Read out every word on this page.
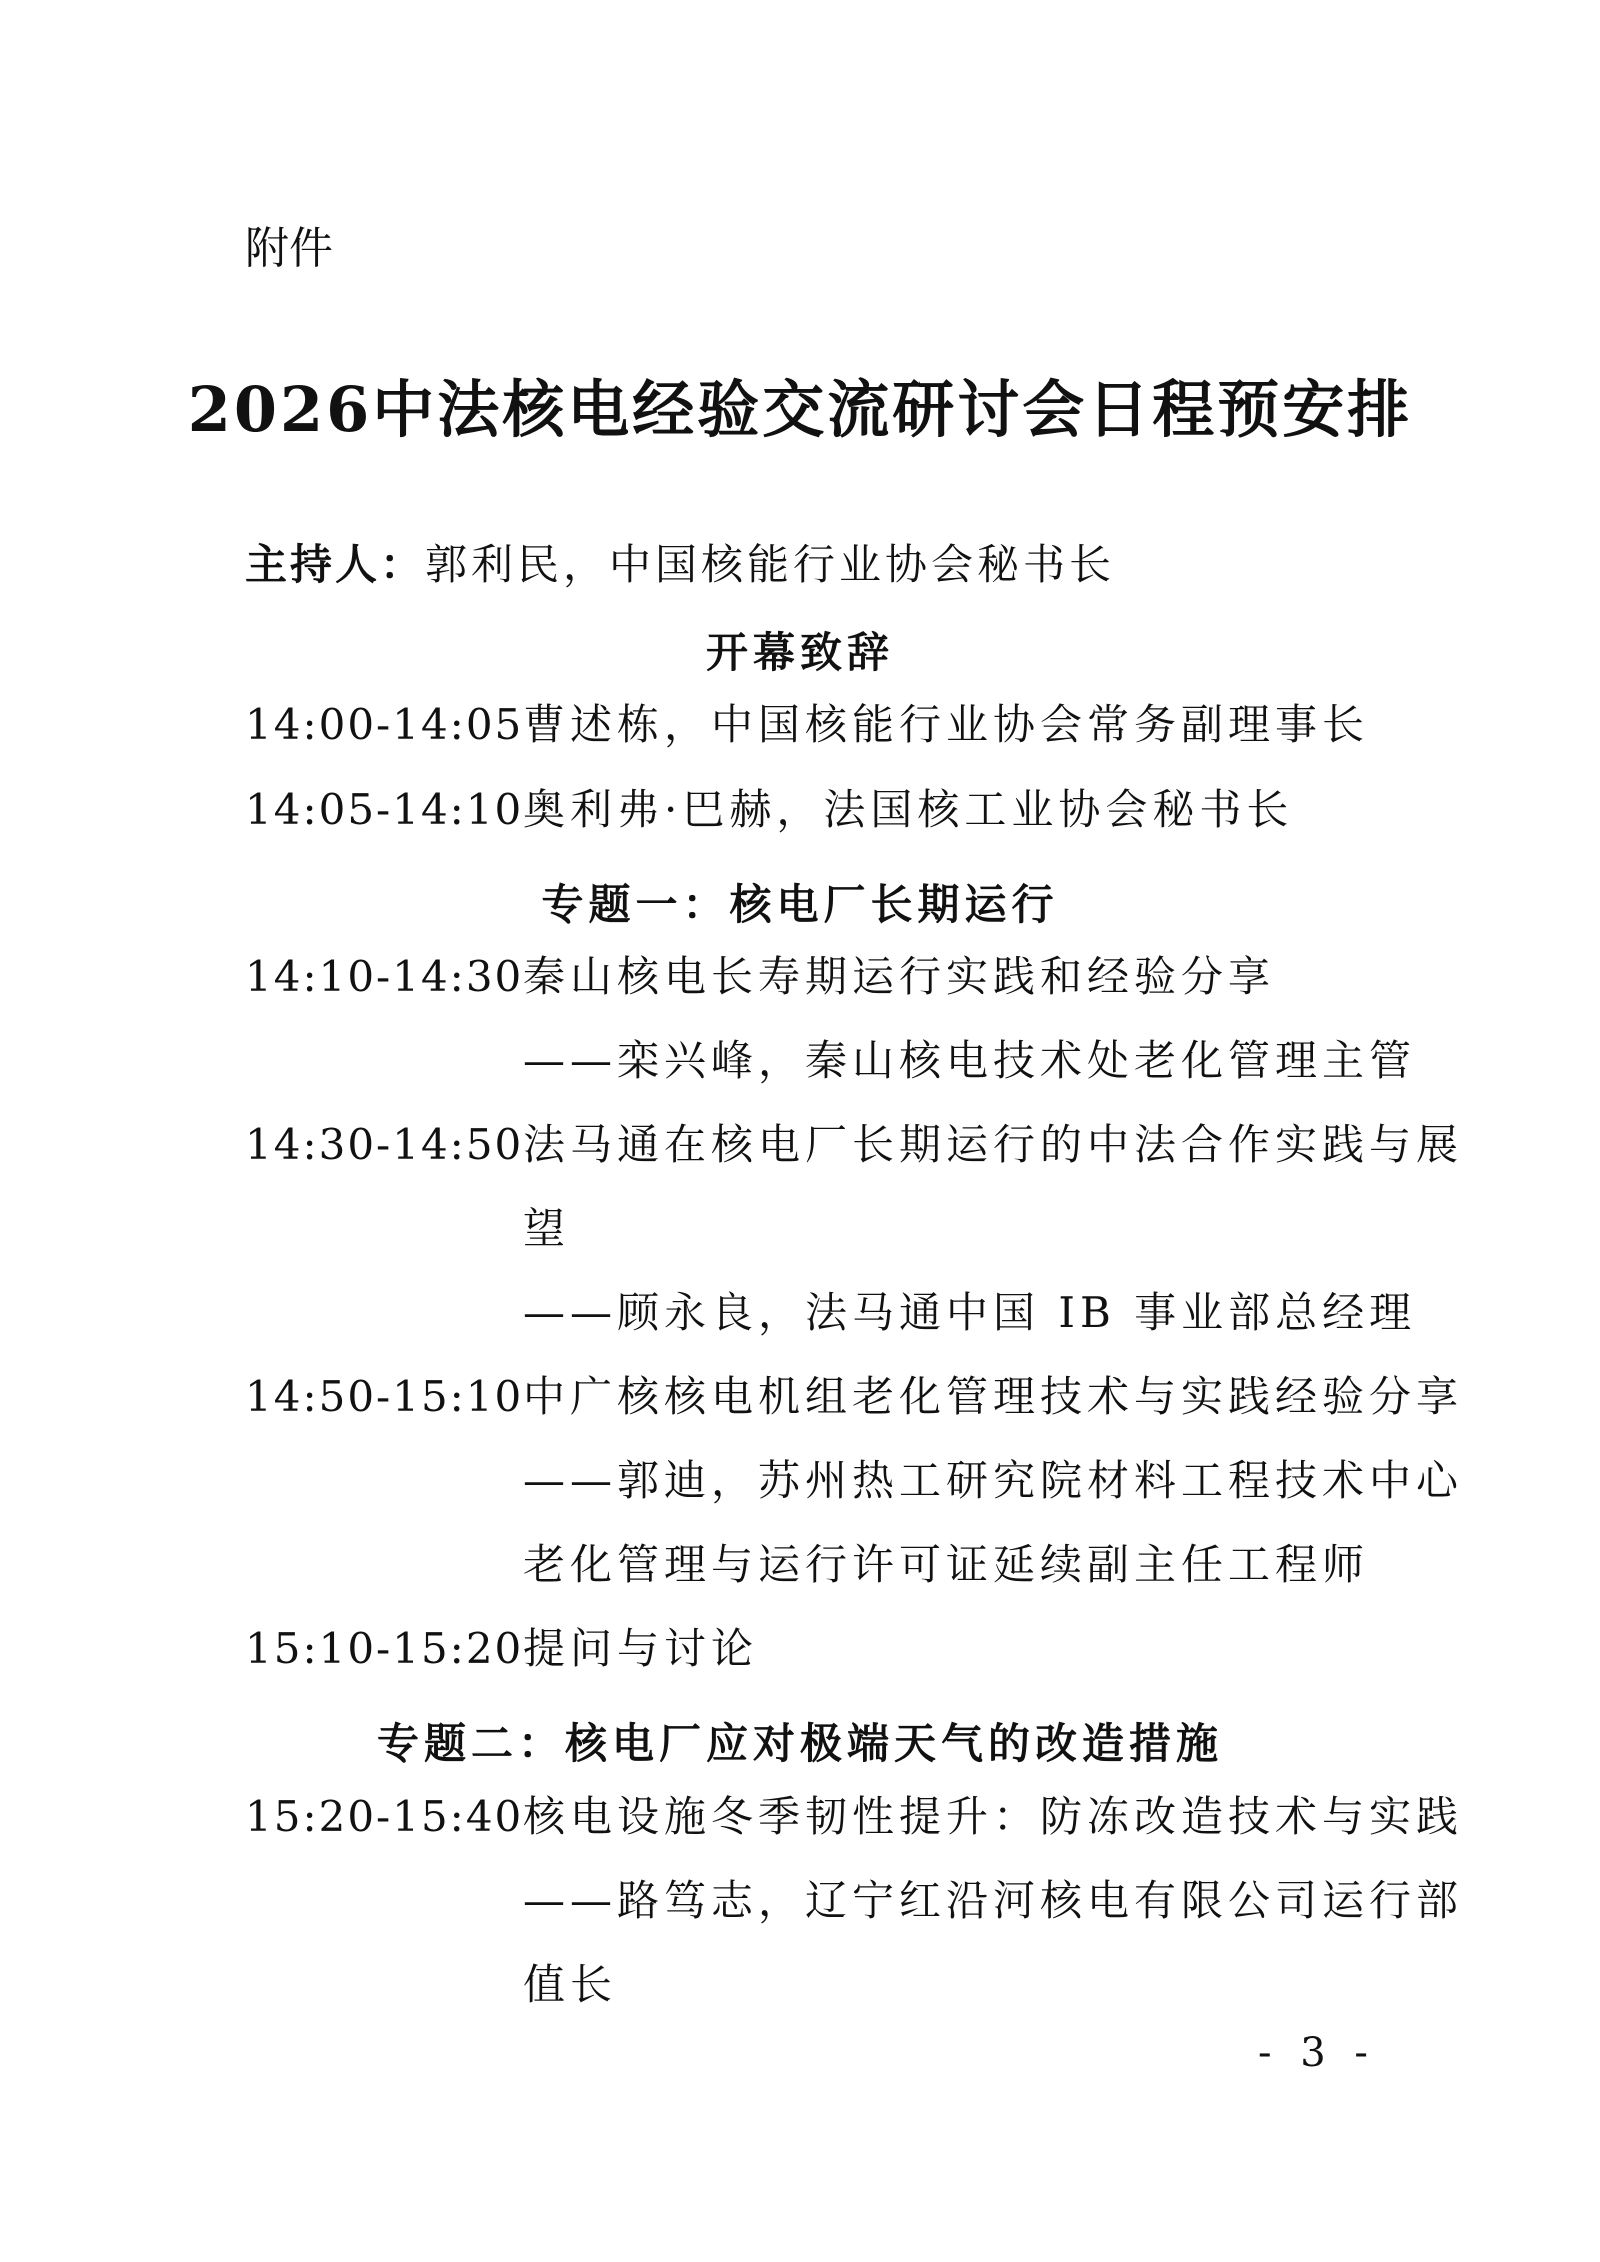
附件
2026中法核电经验交流研讨会日程预安排
主持人：郭利民，中国核能行业协会秘书长
开幕致辞
14:00-14:05 曹述栋，中国核能行业协会常务副理事长
14:05-14:10 奥利弗·巴赫，法国核工业协会秘书长
专题一：核电厂长期运行
14:10-14:30 秦山核电长寿期运行实践和经验分享
——栾兴峰，秦山核电技术处老化管理主管
14:30-14:50 法马通在核电厂长期运行的中法合作实践与展
望
——顾永良，法马通中国 IB 事业部总经理
14:50-15:10 中广核核电机组老化管理技术与实践经验分享
——郭迪，苏州热工研究院材料工程技术中心
老化管理与运行许可证延续副主任工程师
15:10-15:20 提问与讨论
专题二：核电厂应对极端天气的改造措施
15:20-15:40 核电设施冬季韧性提升：防冻改造技术与实践
——路笃志，辽宁红沿河核电有限公司运行部
值长
- 3 -
